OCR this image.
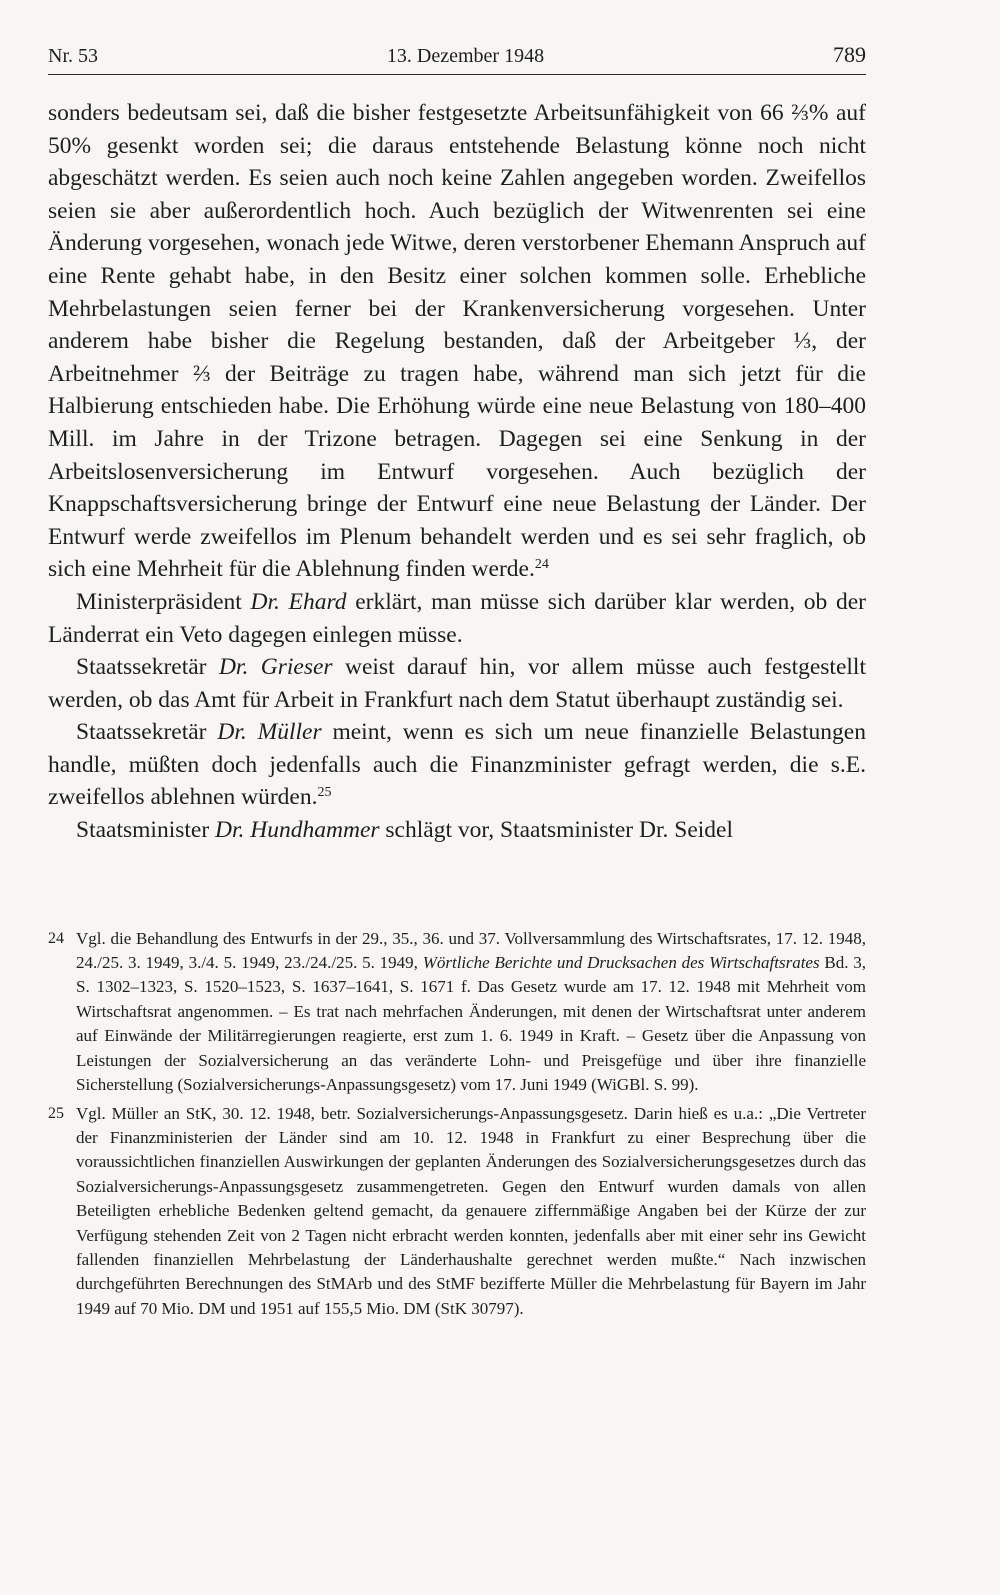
Nr. 53	13. Dezember 1948	789

sonders bedeutsam sei, daß die bisher festgesetzte Arbeitsunfähigkeit von 66 ⅔% auf 50% gesenkt worden sei; die daraus entstehende Belastung könne noch nicht abgeschätzt werden. Es seien auch noch keine Zahlen angegeben worden. Zweifellos seien sie aber außerordentlich hoch. Auch bezüglich der Witwenrenten sei eine Änderung vorgesehen, wonach jede Witwe, deren verstorbener Ehemann Anspruch auf eine Rente gehabt habe, in den Besitz einer solchen kommen solle. Erhebliche Mehrbelastungen seien ferner bei der Krankenversicherung vorgesehen. Unter anderem habe bisher die Regelung bestanden, daß der Arbeitgeber ⅓, der Arbeitnehmer ⅔ der Beiträge zu tragen habe, während man sich jetzt für die Halbierung entschieden habe. Die Erhöhung würde eine neue Belastung von 180–400 Mill. im Jahre in der Trizone betragen. Dagegen sei eine Senkung in der Arbeitslosenversicherung im Entwurf vorgesehen. Auch bezüglich der Knappschaftsversicherung bringe der Entwurf eine neue Belastung der Länder. Der Entwurf werde zweifellos im Plenum behandelt werden und es sei sehr fraglich, ob sich eine Mehrheit für die Ablehnung finden werde.$^{24}$

Ministerpräsident Dr. Ehard erklärt, man müsse sich darüber klar werden, ob der Länderrat ein Veto dagegen einlegen müsse.

Staatssekretär Dr. Grieser weist darauf hin, vor allem müsse auch festgestellt werden, ob das Amt für Arbeit in Frankfurt nach dem Statut überhaupt zuständig sei.

Staatssekretär Dr. Müller meint, wenn es sich um neue finanzielle Belastungen handle, müßten doch jedenfalls auch die Finanzminister gefragt werden, die s.E. zweifellos ablehnen würden.$^{25}$

Staatsminister Dr. Hundhammer schlägt vor, Staatsminister Dr. Seidel

24 Vgl. die Behandlung des Entwurfs in der 29., 35., 36. und 37. Vollversammlung des Wirtschaftsrates, 17. 12. 1948, 24./25. 3. 1949, 3./4. 5. 1949, 23./24./25. 5. 1949, Wörtliche Berichte und Drucksachen des Wirtschaftsrates Bd. 3, S. 1302–1323, S. 1520–1523, S. 1637–1641, S. 1671 f. Das Gesetz wurde am 17. 12. 1948 mit Mehrheit vom Wirtschaftsrat angenommen. – Es trat nach mehrfachen Änderungen, mit denen der Wirtschaftsrat unter anderem auf Einwände der Militärregierungen reagierte, erst zum 1. 6. 1949 in Kraft. – Gesetz über die Anpassung von Leistungen der Sozialversicherung an das veränderte Lohn- und Preisgefüge und über ihre finanzielle Sicherstellung (Sozialversicherungs-Anpassungsgesetz) vom 17. Juni 1949 (WiGBl. S. 99).
25 Vgl. Müller an StK, 30. 12. 1948, betr. Sozialversicherungs-Anpassungsgesetz. Darin hieß es u.a.: „Die Vertreter der Finanzministerien der Länder sind am 10. 12. 1948 in Frankfurt zu einer Besprechung über die voraussichtlichen finanziellen Auswirkungen der geplanten Änderungen des Sozialversicherungsgesetzes durch das Sozialversicherungs-Anpassungsgesetz zusammengetreten. Gegen den Entwurf wurden damals von allen Beteiligten erhebliche Bedenken geltend gemacht, da genauere ziffernmäßige Angaben bei der Kürze der zur Verfügung stehenden Zeit von 2 Tagen nicht erbracht werden konnten, jedenfalls aber mit einer sehr ins Gewicht fallenden finanziellen Mehrbelastung der Länderhaushalte gerechnet werden mußte.“ Nach inzwischen durchgeführten Berechnungen des StMArb und des StMF bezifferte Müller die Mehrbelastung für Bayern im Jahr 1949 auf 70 Mio. DM und 1951 auf 155,5 Mio. DM (StK 30797).
